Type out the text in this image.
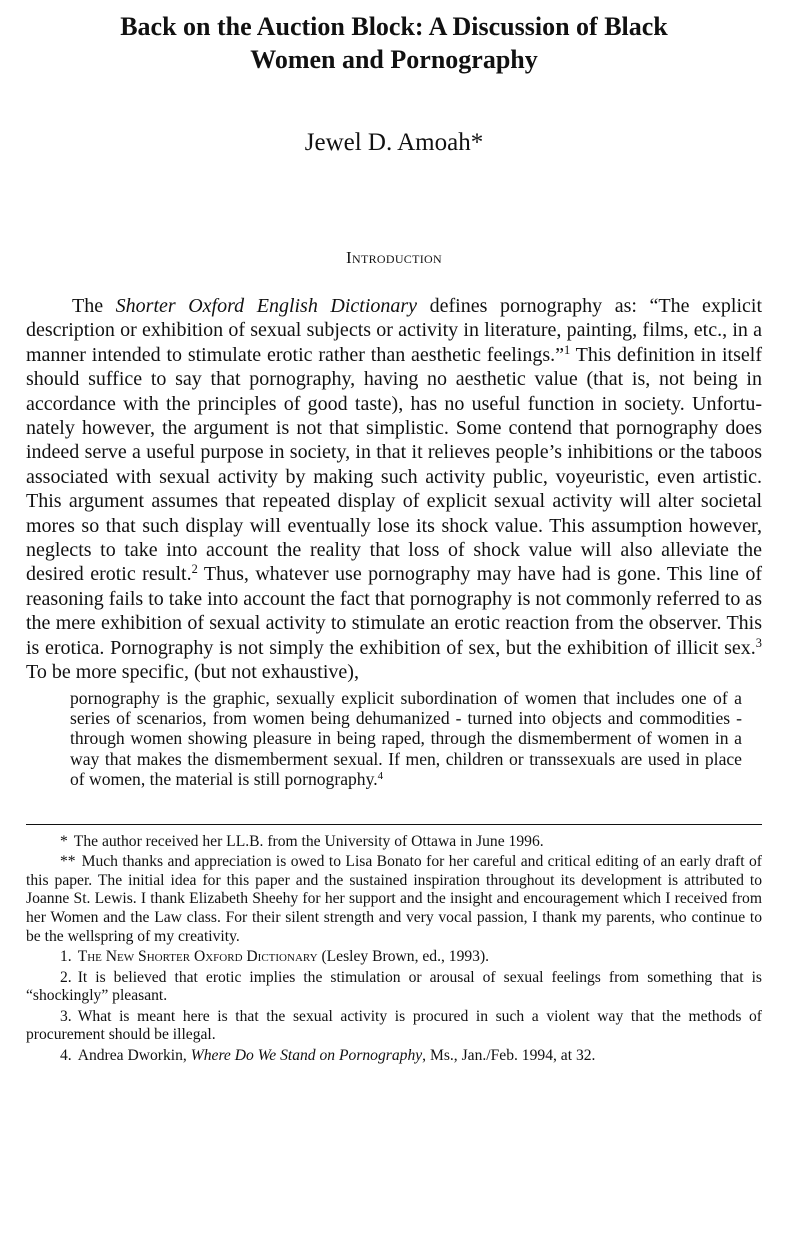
Back on the Auction Block: A Discussion of Black
Women and Pornography
Jewel D. Amoah*
Introduction

The Shorter Oxford English Dictionary defines pornography as: “The explicit description or exhibition of sexual subjects or activity in literature, painting, films, etc., in a manner intended to stimulate erotic rather than aesthetic feelings.”$^1$ This definition in itself should suffice to say that pornography, having no aesthetic value (that is, not being in accordance with the principles of good taste), has no useful function in society. Unfortunately however, the argument is not that simplistic. Some contend that pornography does indeed serve a useful purpose in society, in that it relieves people’s inhibitions or the taboos associated with sexual activity by making such activity public, voyeuristic, even artistic. This argument assumes that repeated display of explicit sexual activity will alter societal mores so that such display will eventually lose its shock value. This assumption however, neglects to take into account the reality that loss of shock value will also alleviate the desired erotic result.$^2$ Thus, whatever use pornography may have had is gone. This line of reasoning fails to take into account the fact that pornography is not commonly referred to as the mere exhibition of sexual activity to stimulate an erotic reaction from the observer. This is erotica. Pornography is not simply the exhibition of sex, but the exhibition of illicit sex.$^3$ To be more specific, (but not exhaustive),

pornography is the graphic, sexually explicit subordination of women that includes one of a series of scenarios, from women being dehumanized - turned into objects and commodities - through women showing pleasure in being raped, through the dismemberment of women in a way that makes the dismemberment sexual. If men, children or transsexuals are used in place of women, the material is still pornography.$^4$

* The author received her LL.B. from the University of Ottawa in June 1996.

** Much thanks and appreciation is owed to Lisa Bonato for her careful and critical editing of an early draft of this paper. The initial idea for this paper and the sustained inspiration throughout its development is attributed to Joanne St. Lewis. I thank Elizabeth Sheehy for her support and the insight and encouragement which I received from her Women and the Law class. For their silent strength and very vocal passion, I thank my parents, who continue to be the wellspring of my creativity.

1. The New Shorter Oxford Dictionary (Lesley Brown, ed., 1993).

2. It is believed that erotic implies the stimulation or arousal of sexual feelings from something that is “shockingly” pleasant.

3. What is meant here is that the sexual activity is procured in such a violent way that the methods of procurement should be illegal.

4. Andrea Dworkin, Where Do We Stand on Pornography, Ms., Jan./Feb. 1994, at 32.
